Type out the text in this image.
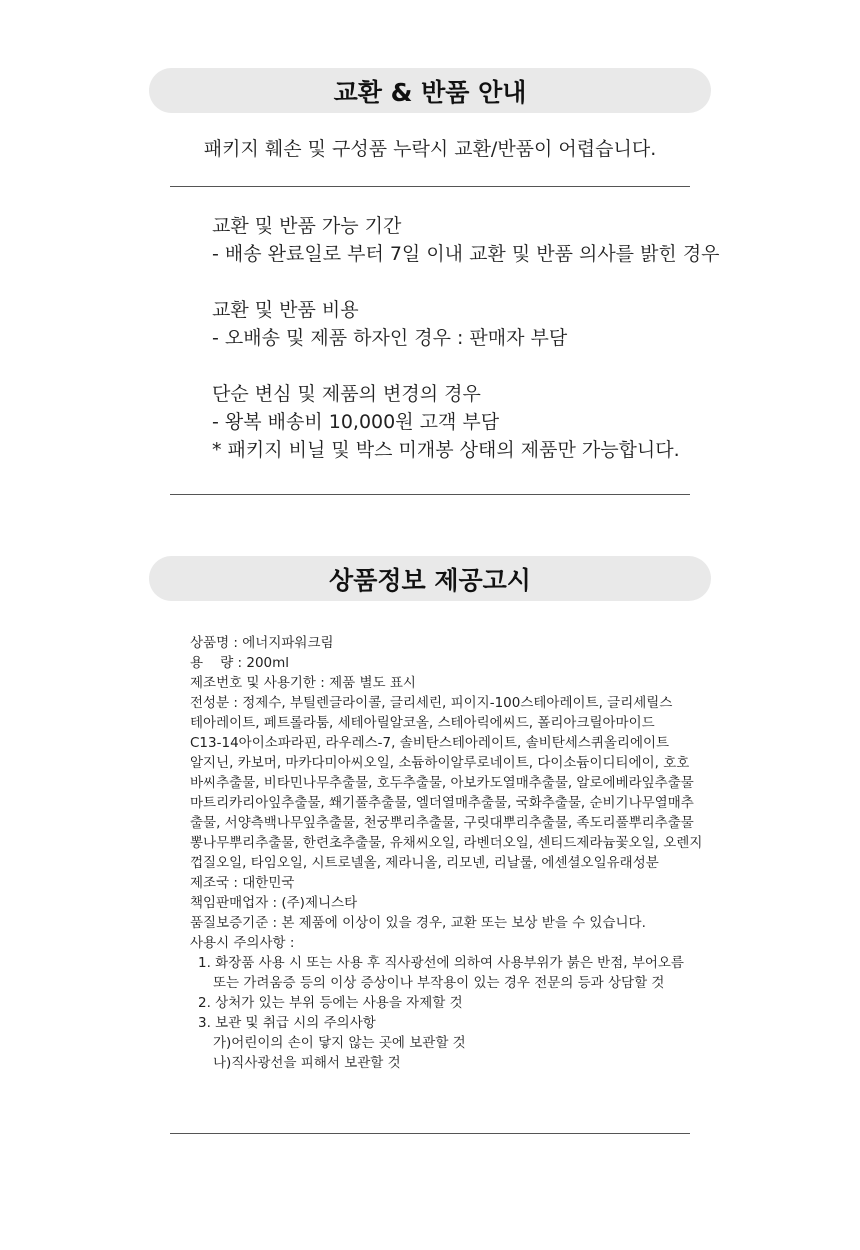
교환 & 반품 안내
패키지 훼손 및 구성품 누락시 교환/반품이 어렵습니다.
교환 및 반품 가능 기간
- 배송 완료일로 부터 7일 이내 교환 및 반품 의사를 밝힌 경우
교환 및 반품 비용
- 오배송 및 제품 하자인 경우 : 판매자 부담
단순 변심 및 제품의 변경의 경우
- 왕복 배송비 10,000원 고객 부담
* 패키지 비닐 및 박스 미개봉 상태의 제품만 가능합니다.
상품정보 제공고시
상품명 : 에너지파워크림
용    량 : 200ml
제조번호 및 사용기한 : 제품 별도 표시
전성분 : 정제수, 부틸렌글라이콜, 글리세린, 피이지-100스테아레이트, 글리세릴스
테아레이트, 페트롤라툼, 세테아릴알코올, 스테아릭에씨드, 폴리아크릴아마이드
C13-14아이소파라핀, 라우레스-7, 솔비탄스테아레이트, 솔비탄세스퀴올리에이트
알지닌, 카보머, 마카다미아씨오일, 소듐하이알루로네이트, 다이소듐이디티에이, 호호
바씨추출물, 비타민나무추출물, 호두추출물, 아보카도열매추출물, 알로에베라잎추출물
마트리카리아잎추출물, 쐐기풀추출물, 엘더열매추출물, 국화추출물, 순비기나무열매추
출물, 서양측백나무잎추출물, 천궁뿌리추출물, 구릿대뿌리추출물, 족도리풀뿌리추출물
뽕나무뿌리추출물, 한련초추출물, 유채씨오일, 라벤더오일, 센티드제라늄꽃오일, 오렌지
껍질오일, 타임오일, 시트로넬올, 제라니올, 리모넨, 리날룰, 에센셜오일유래성분
제조국 : 대한민국
책임판매업자 : (주)제니스타
품질보증기준 : 본 제품에 이상이 있을 경우, 교환 또는 보상 받을 수 있습니다.
사용시 주의사항 :
1. 화장품 사용 시 또는 사용 후 직사광선에 의하여 사용부위가 붉은 반점, 부어오름
또는 가려움증 등의 이상 증상이나 부작용이 있는 경우 전문의 등과 상담할 것
2. 상처가 있는 부위 등에는 사용을 자제할 것
3. 보관 및 취급 시의 주의사항
가)어린이의 손이 닿지 않는 곳에 보관할 것
나)직사광선을 피해서 보관할 것
